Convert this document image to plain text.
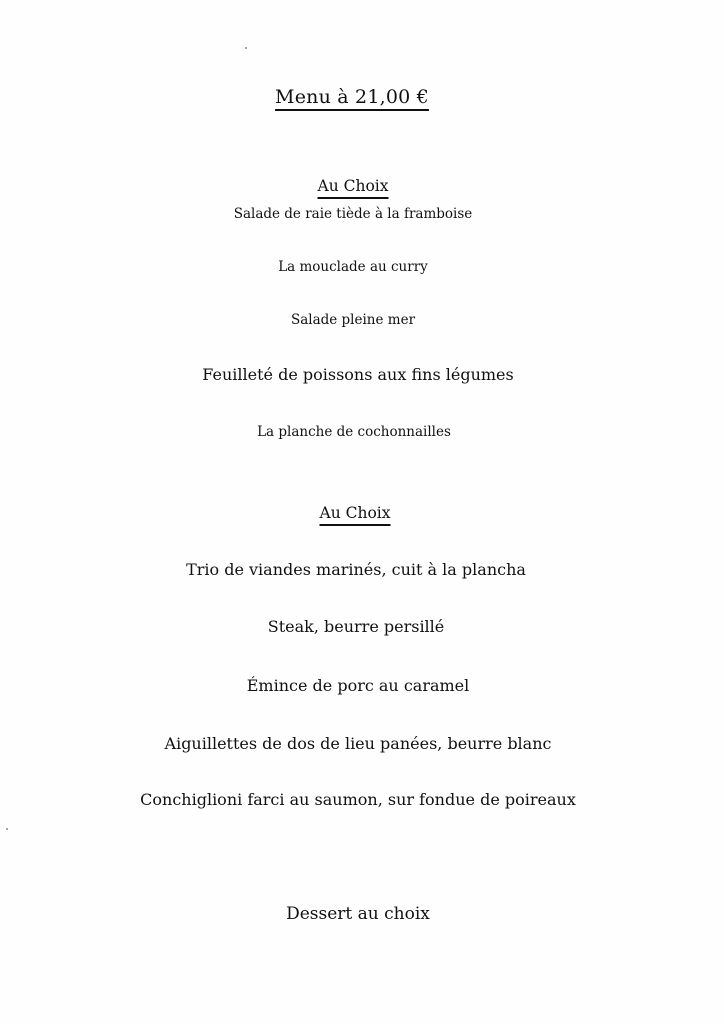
Menu à 21,00 €
Au Choix
Salade de raie tiède à la framboise
La mouclade au curry
Salade pleine mer
Feuilleté de poissons aux fins légumes
La planche de cochonnailles
Au Choix
Trio de viandes marinés, cuit à la plancha
Steak, beurre persillé
Émince de porc au caramel
Aiguillettes de dos de lieu panées, beurre blanc
Conchiglioni farci au saumon, sur fondue de poireaux
Dessert au choix
